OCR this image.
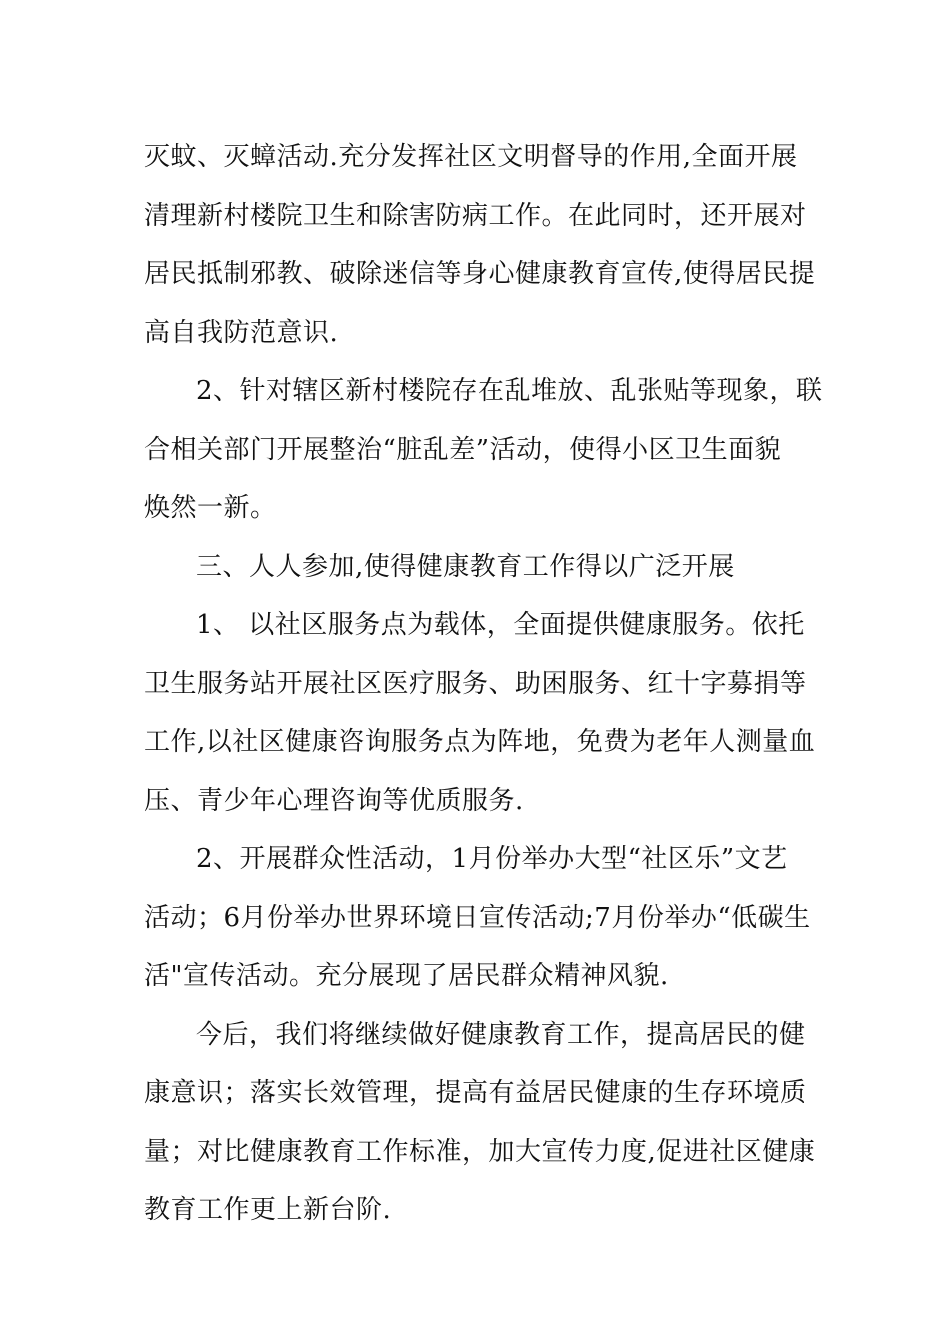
灭蚊、灭蟑活动.充分发挥社区文明督导的作用,全面开展
清理新村楼院卫生和除害防病工作。在此同时，还开展对
居民抵制邪教、破除迷信等身心健康教育宣传,使得居民提
高自我防范意识.
2、针对辖区新村楼院存在乱堆放、乱张贴等现象，联
合相关部门开展整治“脏乱差”活动，使得小区卫生面貌
焕然一新。
三、人人参加,使得健康教育工作得以广泛开展
1、 以社区服务点为载体，全面提供健康服务。依托
卫生服务站开展社区医疗服务、助困服务、红十字募捐等
工作,以社区健康咨询服务点为阵地，免费为老年人测量血
压、青少年心理咨询等优质服务.
2、开展群众性活动，1月份举办大型“社区乐”文艺
活动；6月份举办世界环境日宣传活动;7月份举办“低碳生
活"宣传活动。充分展现了居民群众精神风貌.
今后，我们将继续做好健康教育工作，提高居民的健
康意识；落实长效管理，提高有益居民健康的生存环境质
量；对比健康教育工作标准，加大宣传力度,促进社区健康
教育工作更上新台阶.
